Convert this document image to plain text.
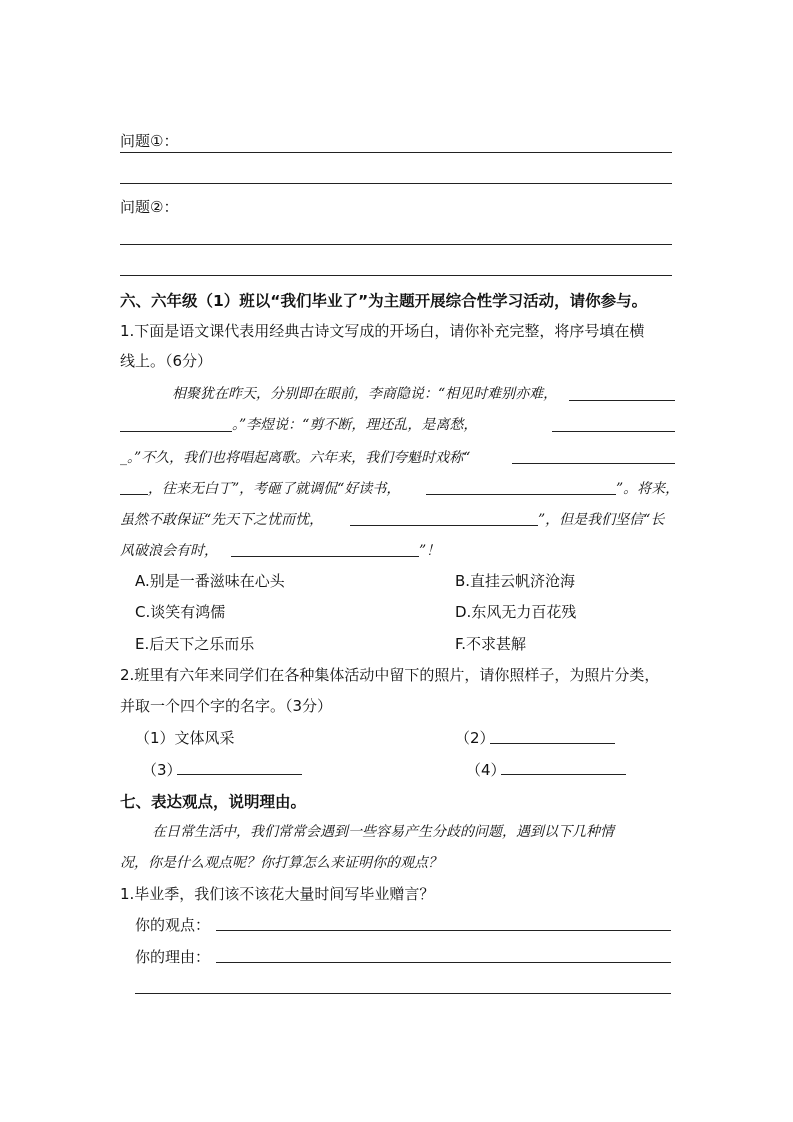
问题①：
问题②：
六、六年级（1）班以“我们毕业了”为主题开展综合性学习活动，请你参与。
1.下面是语文课代表用经典古诗文写成的开场白，请你补充完整，将序号填在横
线上。（6分）
相聚犹在昨天，分别即在眼前，李商隐说：“相见时难别亦难，
。”李煜说：“剪不断，理还乱，是离愁，
_。”不久，我们也将唱起离歌。六年来，我们夸魁时戏称“
，往来无白丁”，考砸了就调侃“好读书，	”。将来，
虽然不敢保证“先天下之忧而忧，	”，但是我们坚信“长
风破浪会有时，	”！
A.别是一番滋味在心头	B.直挂云帆济沧海
C.谈笑有鸿儒	D.东风无力百花残
E.后天下之乐而乐	F.不求甚解
2.班里有六年来同学们在各种集体活动中留下的照片，请你照样子，为照片分类，
并取一个四个字的名字。（3分）
（1）文体风采	（2）
（3）	（4）
七、表达观点，说明理由。
在日常生活中，我们常常会遇到一些容易产生分歧的问题，遇到以下几种情
况，你是什么观点呢？你打算怎么来证明你的观点？
1.毕业季，我们该不该花大量时间写毕业赠言？
你的观点：
你的理由：
